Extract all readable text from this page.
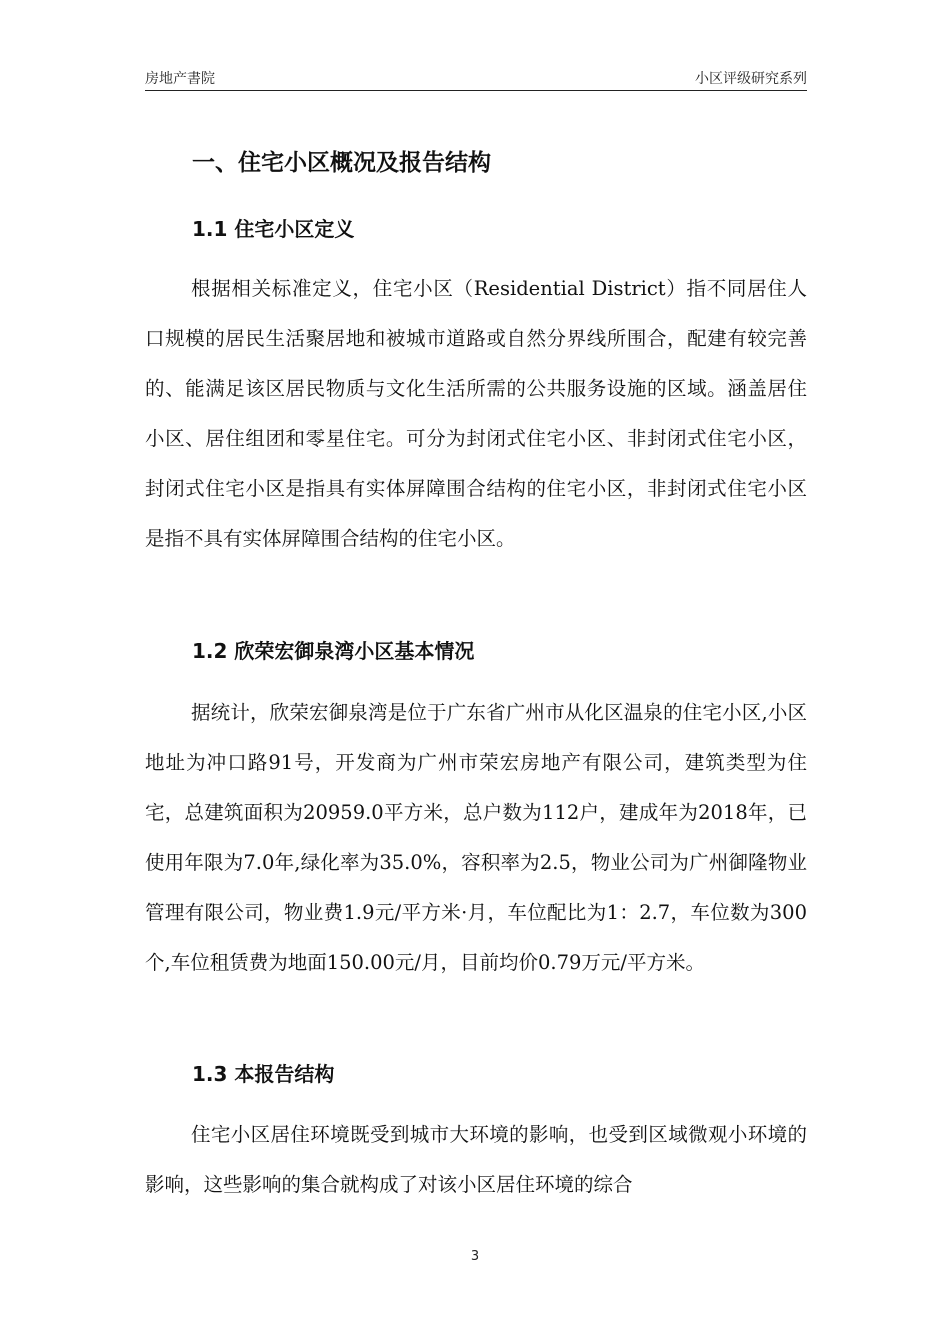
房地产書院	小区评级研究系列
一、住宅小区概况及报告结构
1.1 住宅小区定义

根据相关标准定义，住宅小区（Residential District）指不同居住人口规模的居民生活聚居地和被城市道路或自然分界线所围合，配建有较完善的、能满足该区居民物质与文化生活所需的公共服务设施的区域。涵盖居住小区、居住组团和零星住宅。可分为封闭式住宅小区、非封闭式住宅小区，封闭式住宅小区是指具有实体屏障围合结构的住宅小区，非封闭式住宅小区是指不具有实体屏障围合结构的住宅小区。

1.2 欣荣宏御泉湾小区基本情况

据统计，欣荣宏御泉湾是位于广东省广州市从化区温泉的住宅小区,小区地址为冲口路91号，开发商为广州市荣宏房地产有限公司，建筑类型为住宅，总建筑面积为20959.0平方米，总户数为112户，建成年为2018年，已使用年限为7.0年,绿化率为35.0%，容积率为2.5，物业公司为广州御隆物业管理有限公司，物业费1.9元/平方米·月，车位配比为1：2.7，车位数为300个,车位租赁费为地面150.00元/月，目前均价0.79万元/平方米。

1.3 本报告结构

住宅小区居住环境既受到城市大环境的影响，也受到区域微观小环境的影响，这些影响的集合就构成了对该小区居住环境的综合

3
